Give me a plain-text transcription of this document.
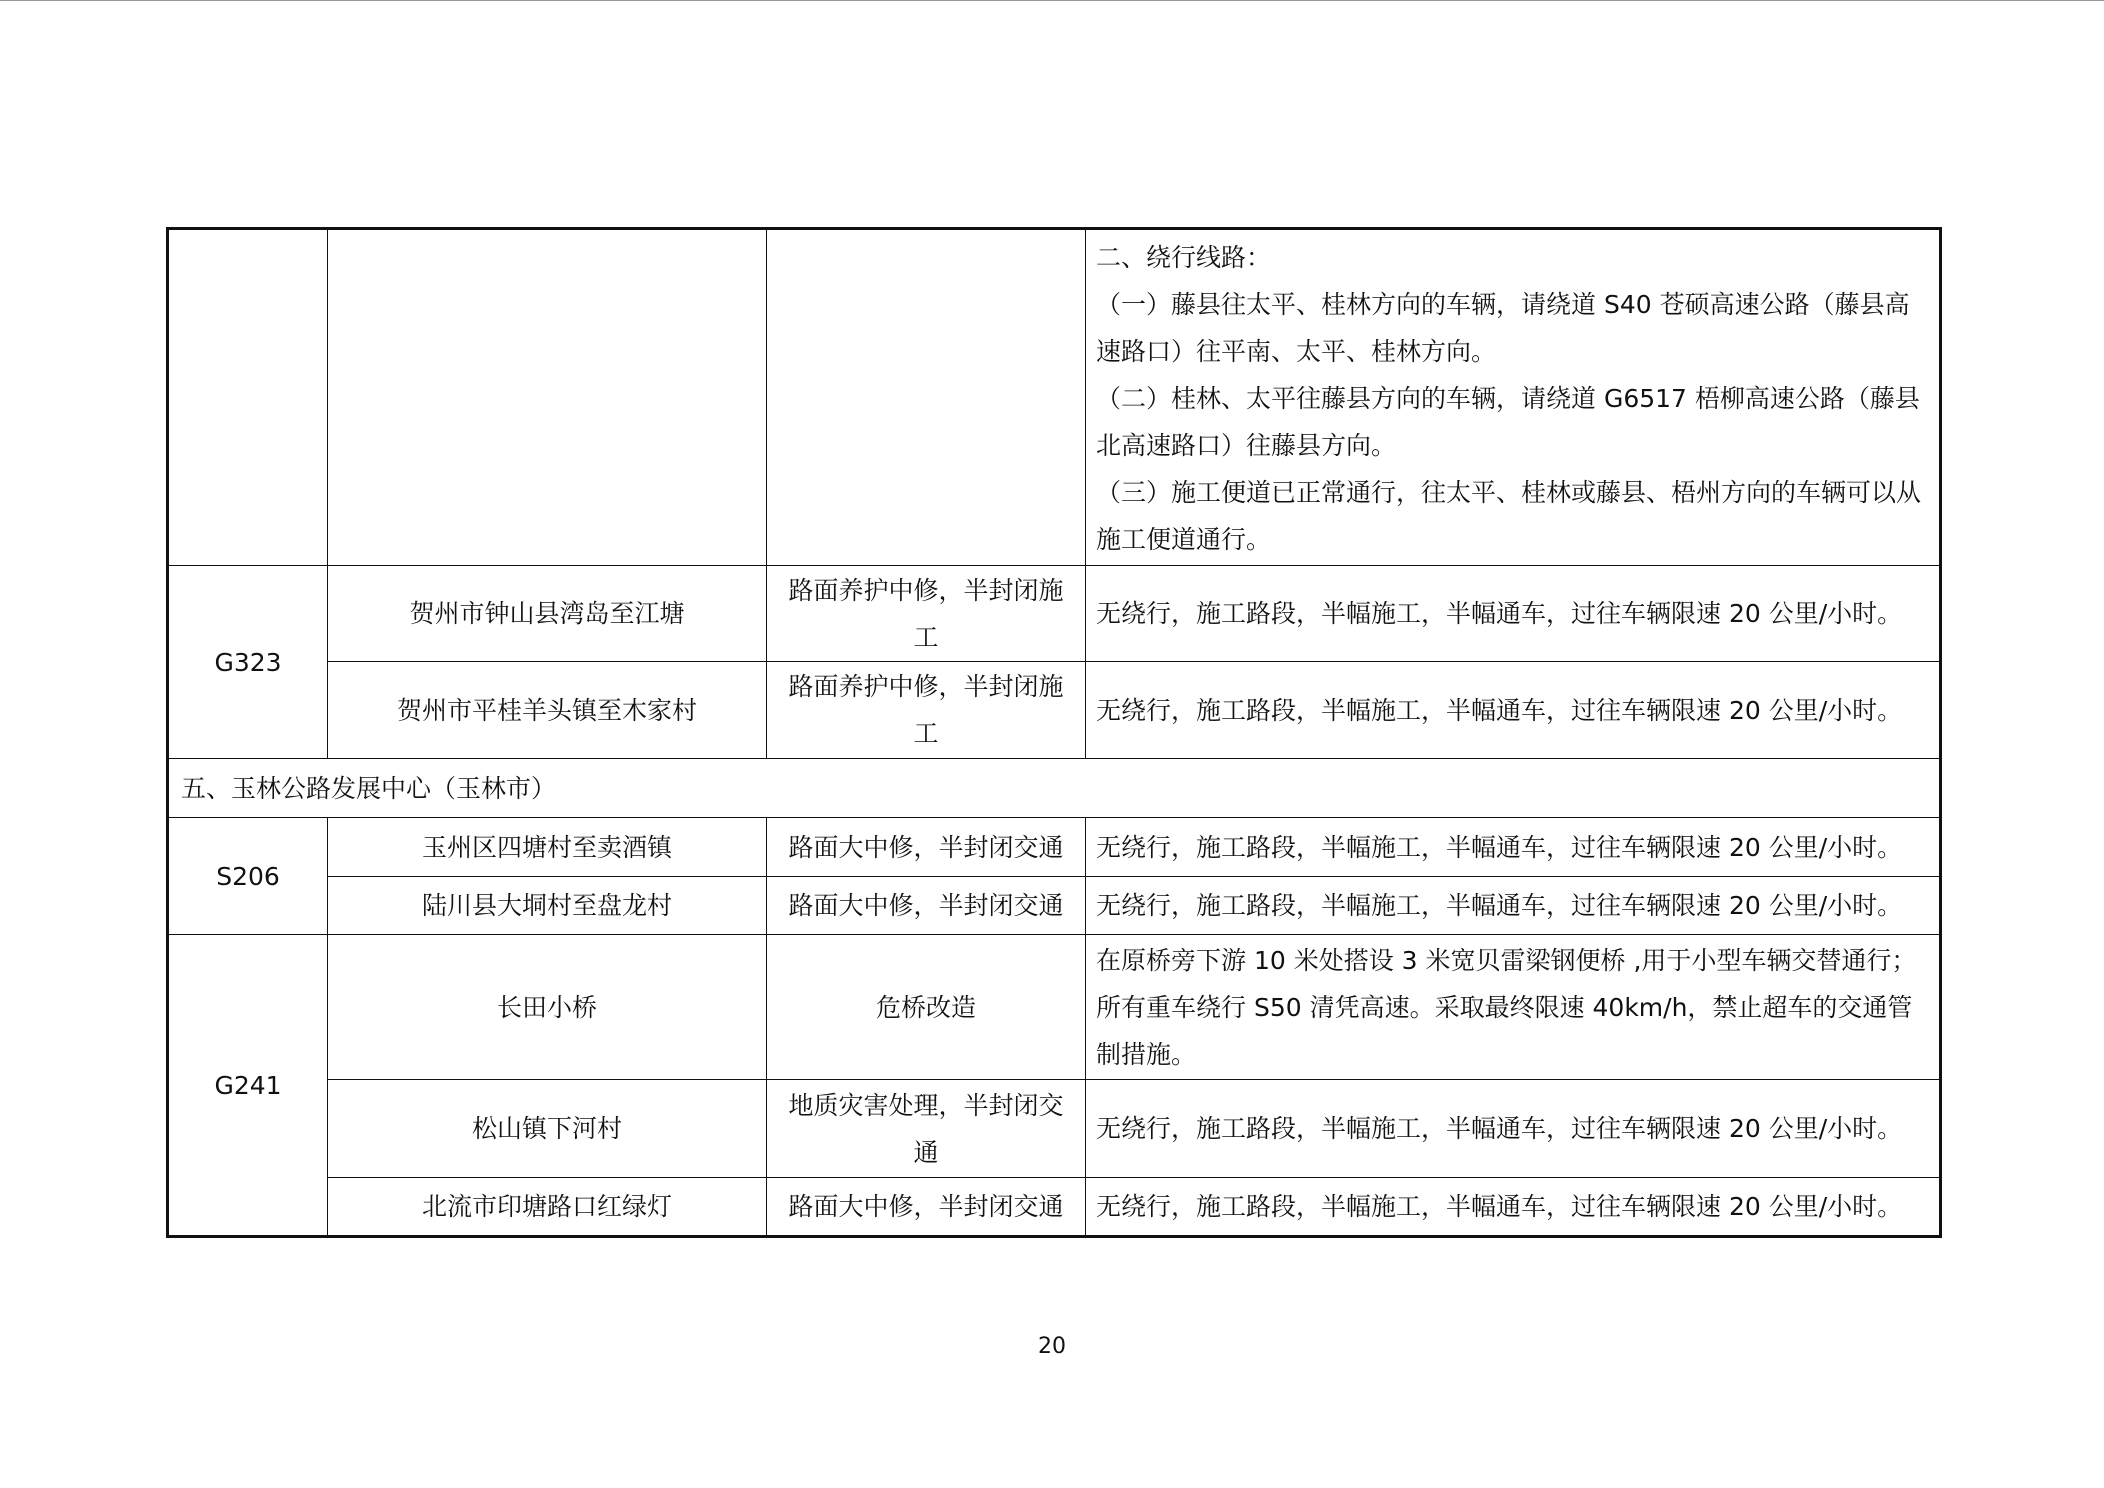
			二、绕行线路：
（一）藤县往太平、桂林方向的车辆，请绕道 S40 苍硕高速公路（藤县高速路口）往平南、太平、桂林方向。
（二）桂林、太平往藤县方向的车辆，请绕道 G6517 梧柳高速公路（藤县北高速路口）往藤县方向。
（三）施工便道已正常通行，往太平、桂林或藤县、梧州方向的车辆可以从施工便道通行。

G323	贺州市钟山县湾岛至江塘	路面养护中修，半封闭施工	无绕行，施工路段，半幅施工，半幅通车，过往车辆限速 20 公里/小时。
	贺州市平桂羊头镇至木家村	路面养护中修，半封闭施工	无绕行，施工路段，半幅施工，半幅通车，过往车辆限速 20 公里/小时。
五、玉林公路发展中心（玉林市）			
S206	玉州区四塘村至卖酒镇	路面大中修，半封闭交通	无绕行，施工路段，半幅施工，半幅通车，过往车辆限速 20 公里/小时。
	陆川县大垌村至盘龙村	路面大中修，半封闭交通	无绕行，施工路段，半幅施工，半幅通车，过往车辆限速 20 公里/小时。
G241	长田小桥	危桥改造	在原桥旁下游 10 米处搭设 3 米宽贝雷梁钢便桥 ,用于小型车辆交替通行；所有重车绕行 S50 清凭高速。采取最终限速 40km/h，禁止超车的交通管制措施。
	松山镇下河村	地质灾害处理，半封闭交通	无绕行，施工路段，半幅施工，半幅通车，过往车辆限速 20 公里/小时。
	北流市印塘路口红绿灯	路面大中修，半封闭交通	无绕行，施工路段，半幅施工，半幅通车，过往车辆限速 20 公里/小时。
20
